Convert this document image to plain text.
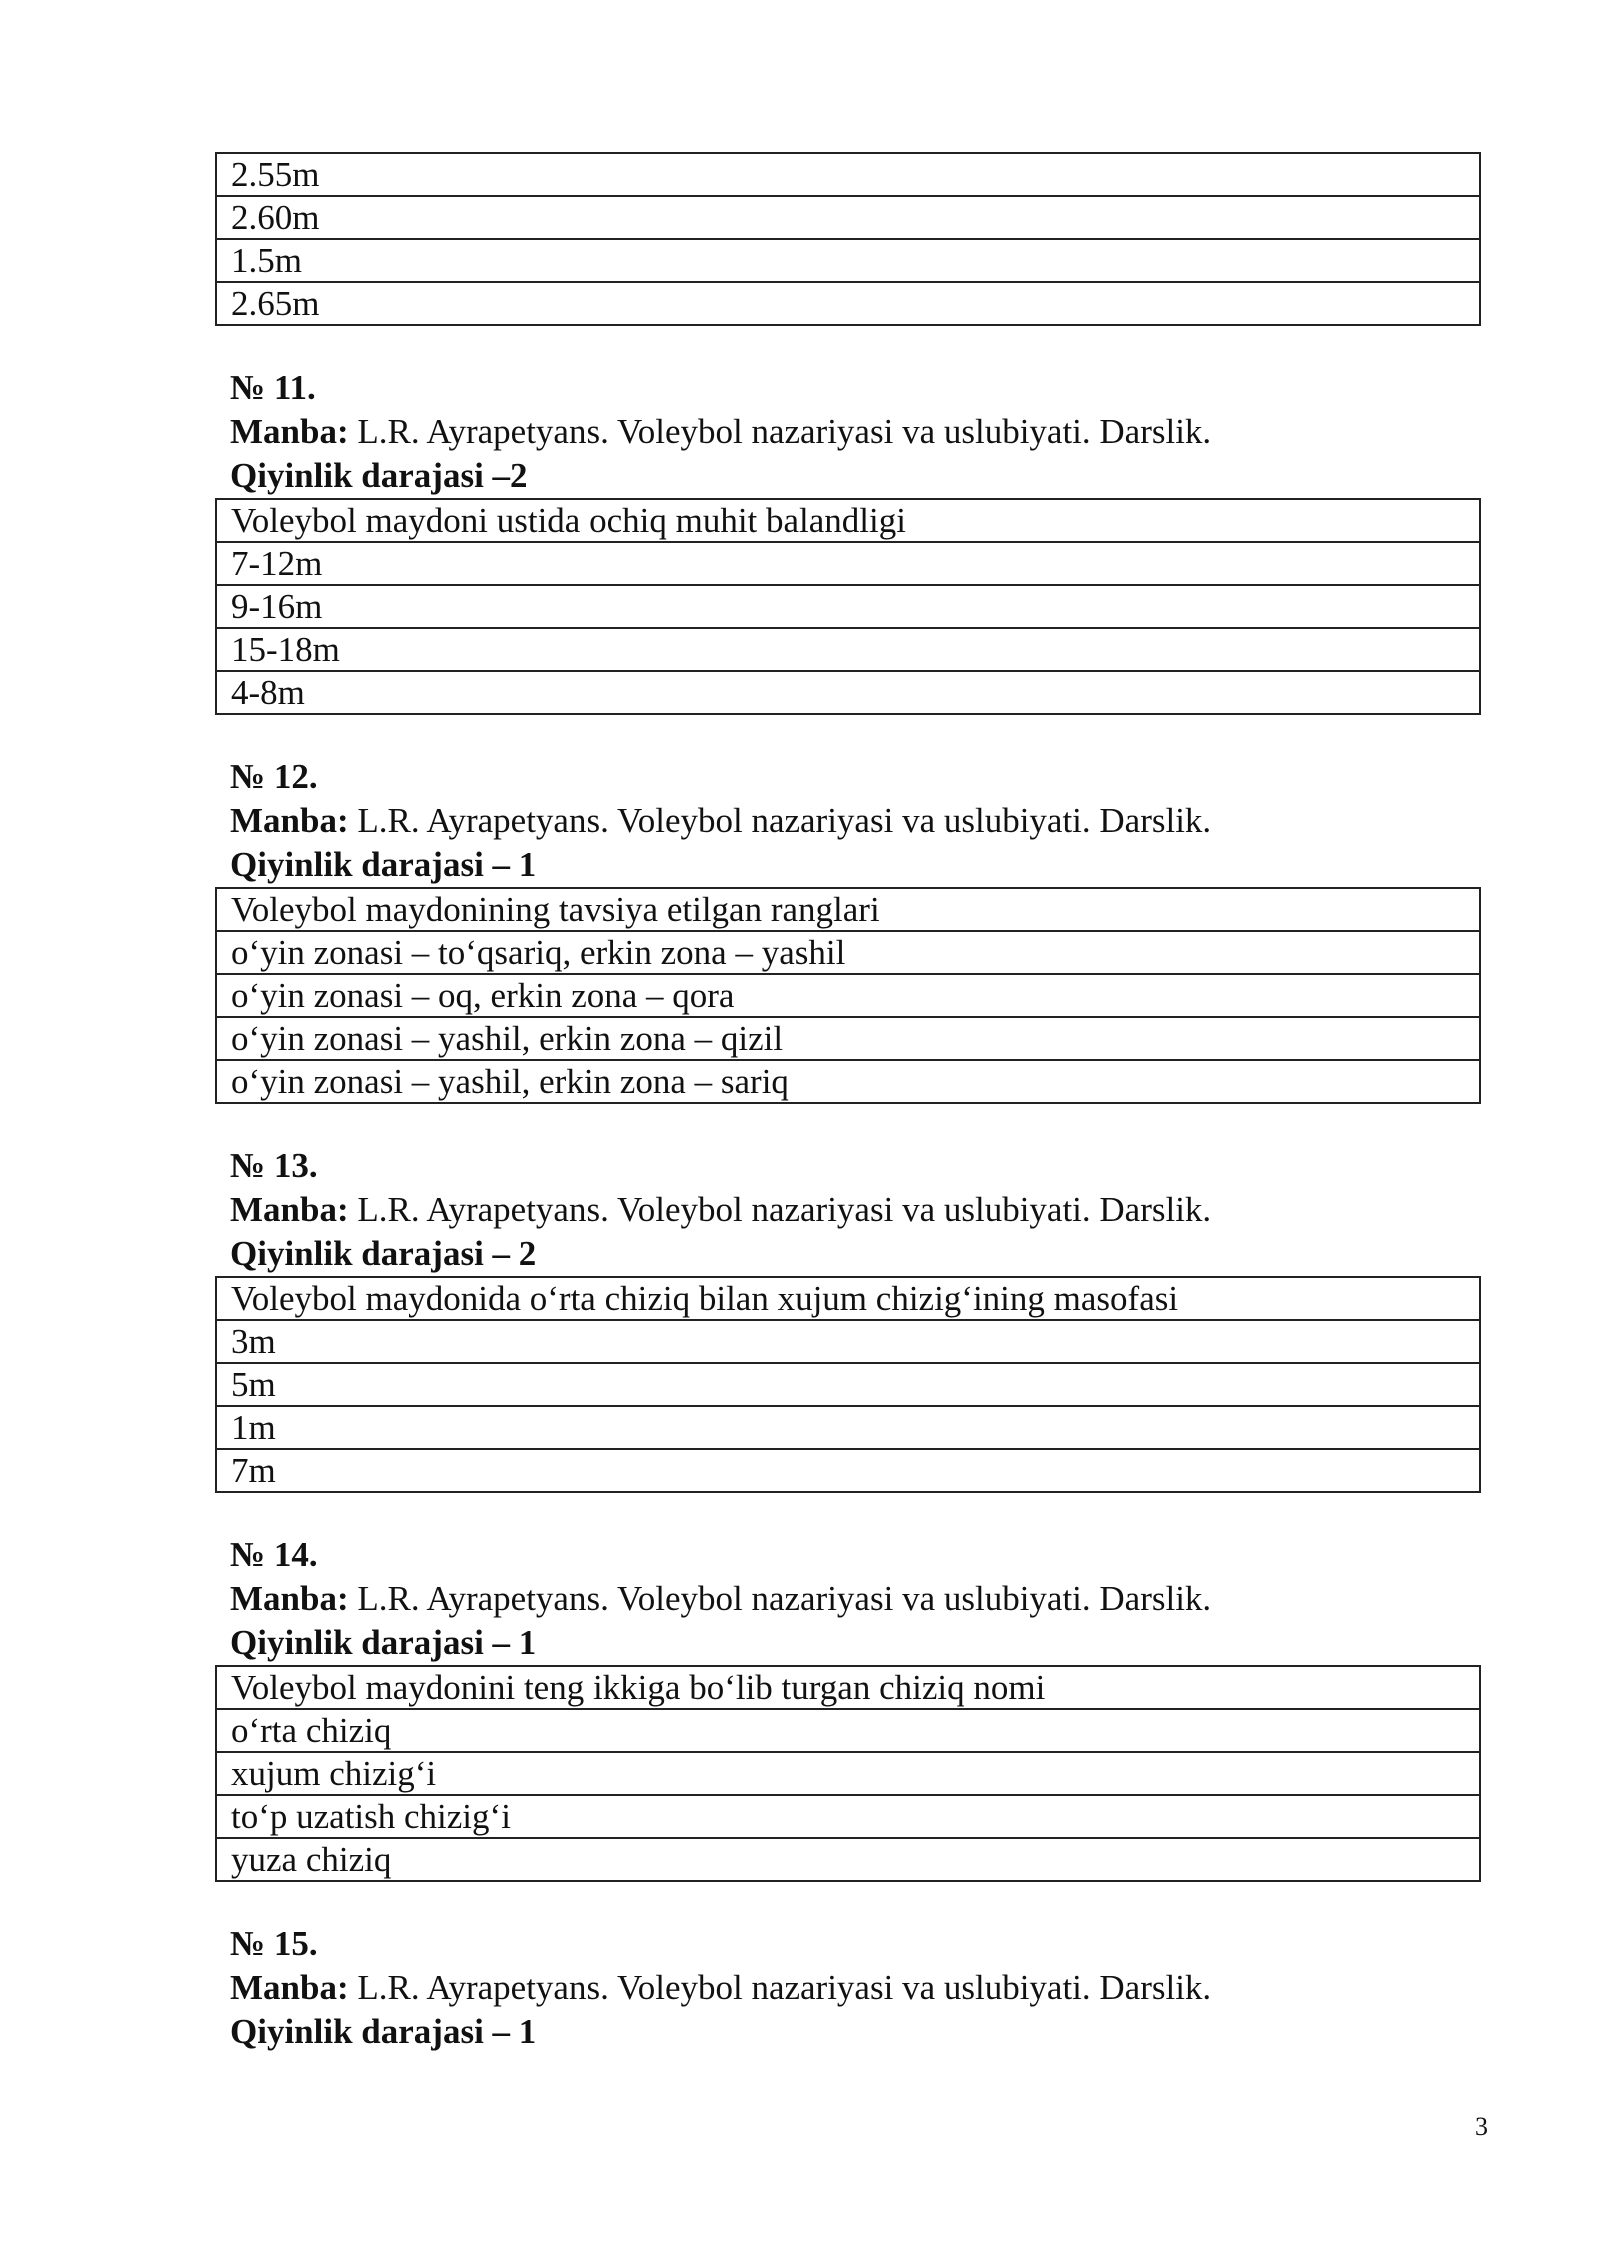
2.55m
2.60m
1.5m
2.65m
№ 11.
Manba: L.R. Ayrapetyans. Voleybol nazariyasi va uslubiyati. Darslik.
Qiyinlik darajasi –2
Voleybol maydoni ustida ochiq muhit balandligi
7-12m
9-16m
15-18m
4-8m
№ 12.
Manba: L.R. Ayrapetyans. Voleybol nazariyasi va uslubiyati. Darslik.
Qiyinlik darajasi – 1
Voleybol maydonining tavsiya etilgan ranglari
o‘yin zonasi – to‘qsariq, erkin zona – yashil
o‘yin zonasi – oq, erkin zona – qora
o‘yin zonasi – yashil, erkin zona – qizil
o‘yin zonasi – yashil, erkin zona – sariq
№ 13.
Manba: L.R. Ayrapetyans. Voleybol nazariyasi va uslubiyati. Darslik.
Qiyinlik darajasi – 2
Voleybol maydonida o‘rta chiziq bilan xujum chizig‘ining masofasi
3m
5m
1m
7m
№ 14.
Manba: L.R. Ayrapetyans. Voleybol nazariyasi va uslubiyati. Darslik.
Qiyinlik darajasi – 1
Voleybol maydonini teng ikkiga bo‘lib turgan chiziq nomi
o‘rta chiziq
xujum chizig‘i
to‘p uzatish chizig‘i
yuza chiziq
№ 15.
Manba: L.R. Ayrapetyans. Voleybol nazariyasi va uslubiyati. Darslik.
Qiyinlik darajasi – 1
3
